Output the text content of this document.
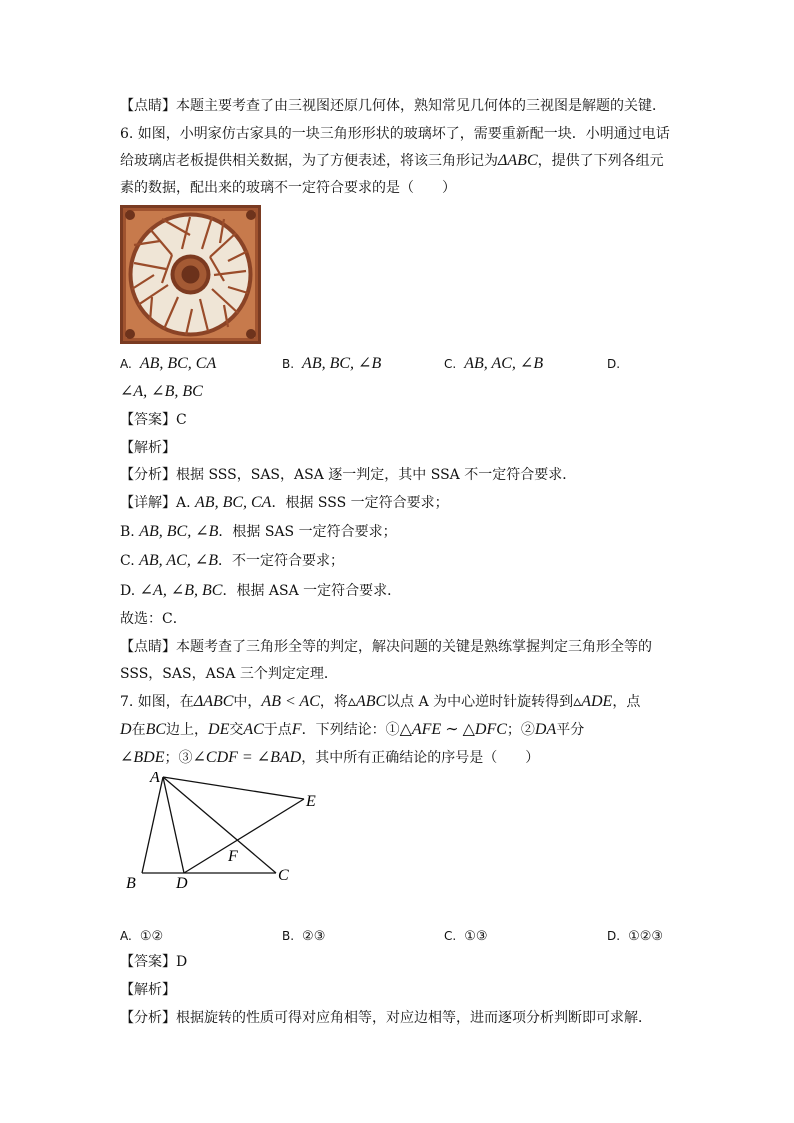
【点睛】本题主要考查了由三视图还原几何体，熟知常见几何体的三视图是解题的关键．
6. 如图，小明家仿古家具的一块三角形形状的玻璃坏了，需要重新配一块．小明通过电话
给玻璃店老板提供相关数据，为了方便表述，将该三角形记为ΔABC，提供了下列各组元
素的数据，配出来的玻璃不一定符合要求的是（　　）
A. AB, BC, CA	B. AB, BC, ∠B	C. AB, AC, ∠B	D.
∠A, ∠B, BC
【答案】C
【解析】
【分析】根据 SSS，SAS，ASA 逐一判定，其中 SSA 不一定符合要求．
【详解】A. AB, BC, CA．根据 SSS 一定符合要求；
B. AB, BC, ∠B．根据 SAS 一定符合要求；
C. AB, AC, ∠B．不一定符合要求；
D. ∠A, ∠B, BC．根据 ASA 一定符合要求．
故选：C．
【点睛】本题考查了三角形全等的判定，解决问题的关键是熟练掌握判定三角形全等的
SSS，SAS，ASA 三个判定定理．
7. 如图，在ΔABC中，AB < AC，将▵ABC以点 A 为中心逆时针旋转得到▵ADE，点
D在BC边上，DE交AC于点F．下列结论：①△AFE ∼ △DFC；②DA平分
∠BDE；③∠CDF = ∠BAD，其中所有正确结论的序号是（　　）
A
E
F
B	D	C
A. ①②	B. ②③	C. ①③	D. ①②③
【答案】D
【解析】
【分析】根据旋转的性质可得对应角相等，对应边相等，进而逐项分析判断即可求解．
